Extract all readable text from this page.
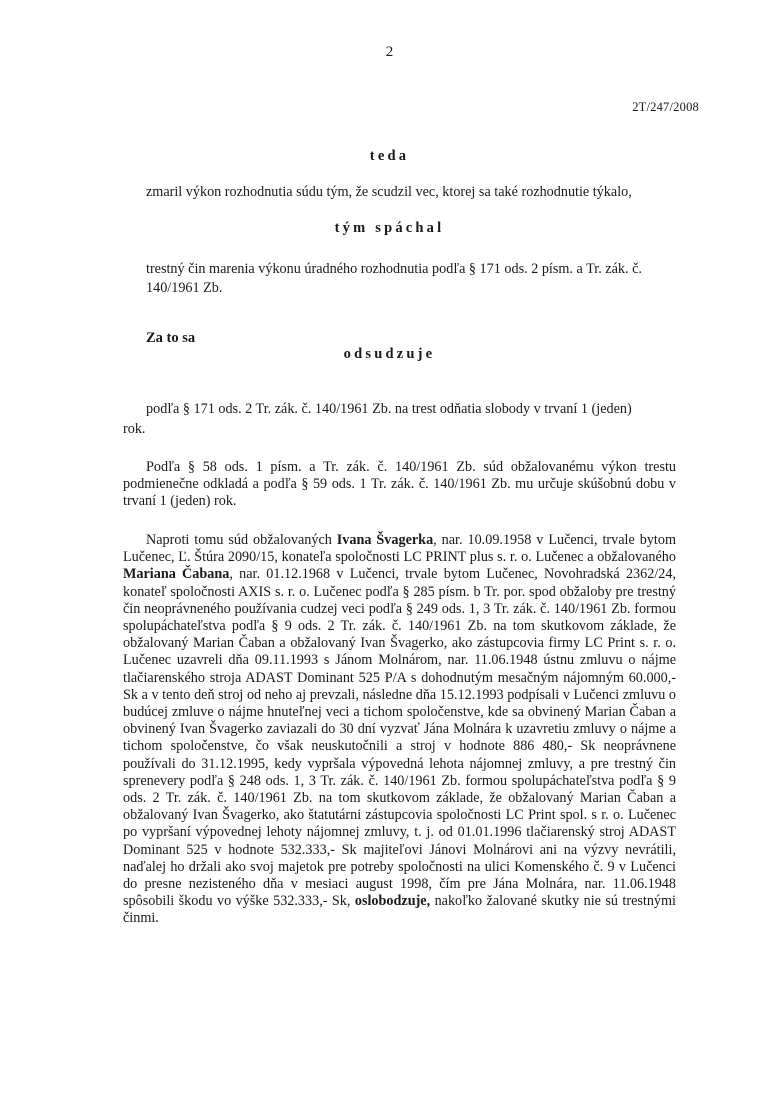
2

2T/247/2008

teda

zmaril výkon rozhodnutia súdu tým, že scudzil vec, ktorej sa také rozhodnutie týkalo,

tým spáchal

trestný čin marenia výkonu úradného rozhodnutia podľa § 171 ods. 2 písm. a Tr. zák. č.

140/1961 Zb.

Za to sa

odsudzuje

podľa § 171 ods. 2 Tr. zák. č. 140/1961 Zb. na trest odňatia slobody v trvaní 1 (jeden)

rok.

Podľa § 58 ods. 1 písm. a Tr. zák. č. 140/1961 Zb. súd obžalovanému výkon trestu podmienečne odkladá a podľa § 59 ods. 1 Tr. zák. č. 140/1961 Zb. mu určuje skúšobnú dobu v trvaní 1 (jeden) rok.

Naproti tomu súd obžalovaných Ivana Švagerka, nar. 10.09.1958 v Lučenci, trvale bytom Lučenec, Ľ. Štúra 2090/15, konateľa spoločnosti LC PRINT plus s. r. o. Lučenec a obžalovaného Mariana Čabana, nar. 01.12.1968 v Lučenci, trvale bytom Lučenec, Novohradská 2362/24, konateľ spoločnosti AXIS s. r. o. Lučenec podľa § 285 písm. b Tr. por. spod obžaloby pre trestný čin neoprávneného používania cudzej veci podľa § 249 ods. 1, 3 Tr. zák. č. 140/1961 Zb. formou spolupáchateľstva podľa § 9 ods. 2 Tr. zák. č. 140/1961 Zb. na tom skutkovom základe, že obžalovaný Marian Čaban a obžalovaný Ivan Švagerko, ako zástupcovia firmy LC Print s. r. o. Lučenec uzavreli dňa 09.11.1993 s Jánom Molnárom, nar. 11.06.1948 ústnu zmluvu o nájme tlačiarenského stroja ADAST Dominant 525 P/A s dohodnutým mesačným nájomným 60.000,- Sk a v tento deň stroj od neho aj prevzali, následne dňa 15.12.1993 podpísali v Lučenci zmluvu o budúcej zmluve o nájme hnuteľnej veci a tichom spoločenstve, kde sa obvinený Marian Čaban a obvinený Ivan Švagerko zaviazali do 30 dní vyzvať Jána Molnára k uzavretiu zmluvy o nájme a tichom spoločenstve, čo však neuskutočnili a stroj v hodnote 886 480,- Sk neoprávnene používali do 31.12.1995, kedy vypršala výpovedná lehota nájomnej zmluvy, a pre trestný čin sprenevery podľa § 248 ods. 1, 3 Tr. zák. č. 140/1961 Zb. formou spolupáchateľstva podľa § 9 ods. 2 Tr. zák. č. 140/1961 Zb. na tom skutkovom základe, že obžalovaný Marian Čaban a obžalovaný Ivan Švagerko, ako štatutárni zástupcovia spoločnosti LC Print spol. s r. o. Lučenec po vypršaní výpovednej lehoty nájomnej zmluvy, t. j. od 01.01.1996 tlačiarenský stroj ADAST Dominant 525 v hodnote 532.333,- Sk majiteľovi Jánovi Molnárovi ani na výzvy nevrátili, naďalej ho držali ako svoj majetok pre potreby spoločnosti na ulici Komenského č. 9 v Lučenci do presne nezisteného dňa v mesiaci august 1998, čím pre Jána Molnára, nar. 11.06.1948 spôsobili škodu vo výške 532.333,- Sk, oslobodzuje, nakoľko žalované skutky nie sú trestnými činmi.
